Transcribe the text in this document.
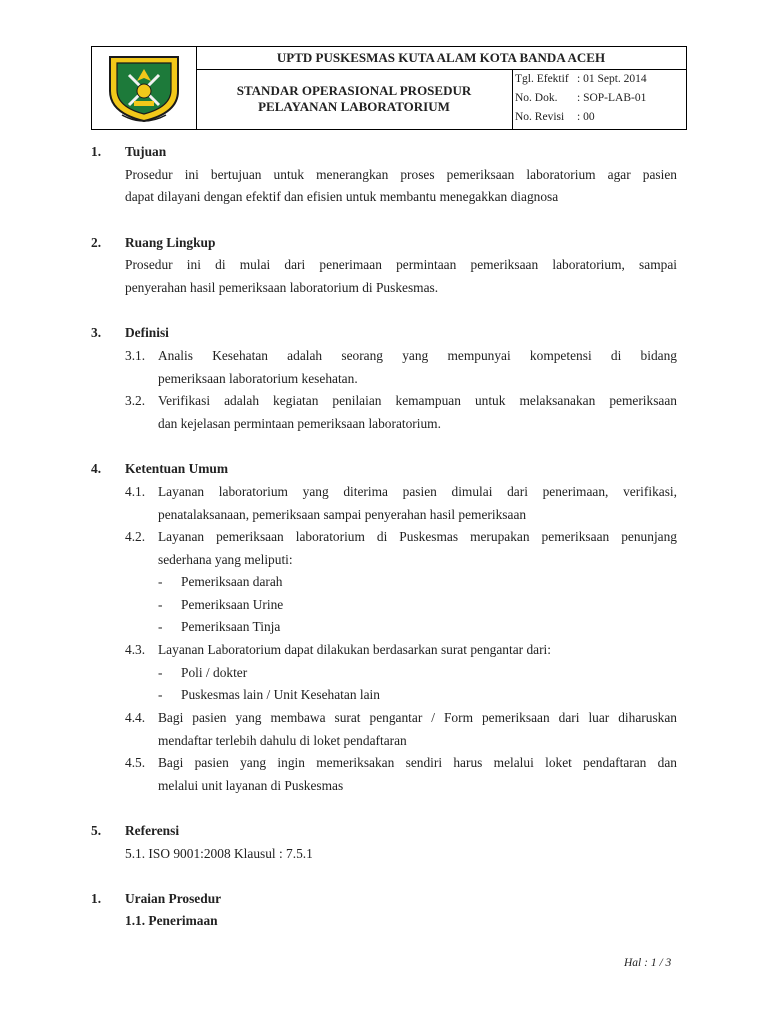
UPTD PUSKESMAS KUTA ALAM KOTA BANDA ACEH
STANDAR OPERASIONAL PROSEDUR
PELAYANAN LABORATORIUM
Tgl. Efektif : 01 Sept. 2014
No. Dok. : SOP-LAB-01
No. Revisi : 00
1. Tujuan
Prosedur ini bertujuan untuk menerangkan proses pemeriksaan laboratorium agar pasien
dapat dilayani dengan efektif dan efisien untuk membantu menegakkan diagnosa
2. Ruang Lingkup
Prosedur ini di mulai dari penerimaan permintaan pemeriksaan laboratorium, sampai
penyerahan hasil pemeriksaan laboratorium di Puskesmas.
3. Definisi
3.1. Analis Kesehatan adalah seorang yang mempunyai kompetensi di bidang
pemeriksaan laboratorium kesehatan.
3.2. Verifikasi adalah kegiatan penilaian kemampuan untuk melaksanakan pemeriksaan
dan kejelasan permintaan pemeriksaan laboratorium.
4. Ketentuan Umum
4.1. Layanan laboratorium yang diterima pasien dimulai dari penerimaan, verifikasi,
penatalaksanaan, pemeriksaan sampai penyerahan hasil pemeriksaan
4.2. Layanan pemeriksaan laboratorium di Puskesmas merupakan pemeriksaan penunjang
sederhana yang meliputi:
- Pemeriksaan darah
- Pemeriksaan Urine
- Pemeriksaan Tinja
4.3. Layanan Laboratorium dapat dilakukan berdasarkan surat pengantar dari:
- Poli / dokter
- Puskesmas lain / Unit Kesehatan lain
4.4. Bagi pasien yang membawa surat pengantar / Form pemeriksaan dari luar diharuskan
mendaftar terlebih dahulu di loket pendaftaran
4.5. Bagi pasien yang ingin memeriksakan sendiri harus melalui loket pendaftaran dan
melalui unit layanan di Puskesmas
5. Referensi
5.1. ISO 9001:2008 Klausul : 7.5.1
1. Uraian Prosedur
1.1. Penerimaan
Hal : 1 / 3
